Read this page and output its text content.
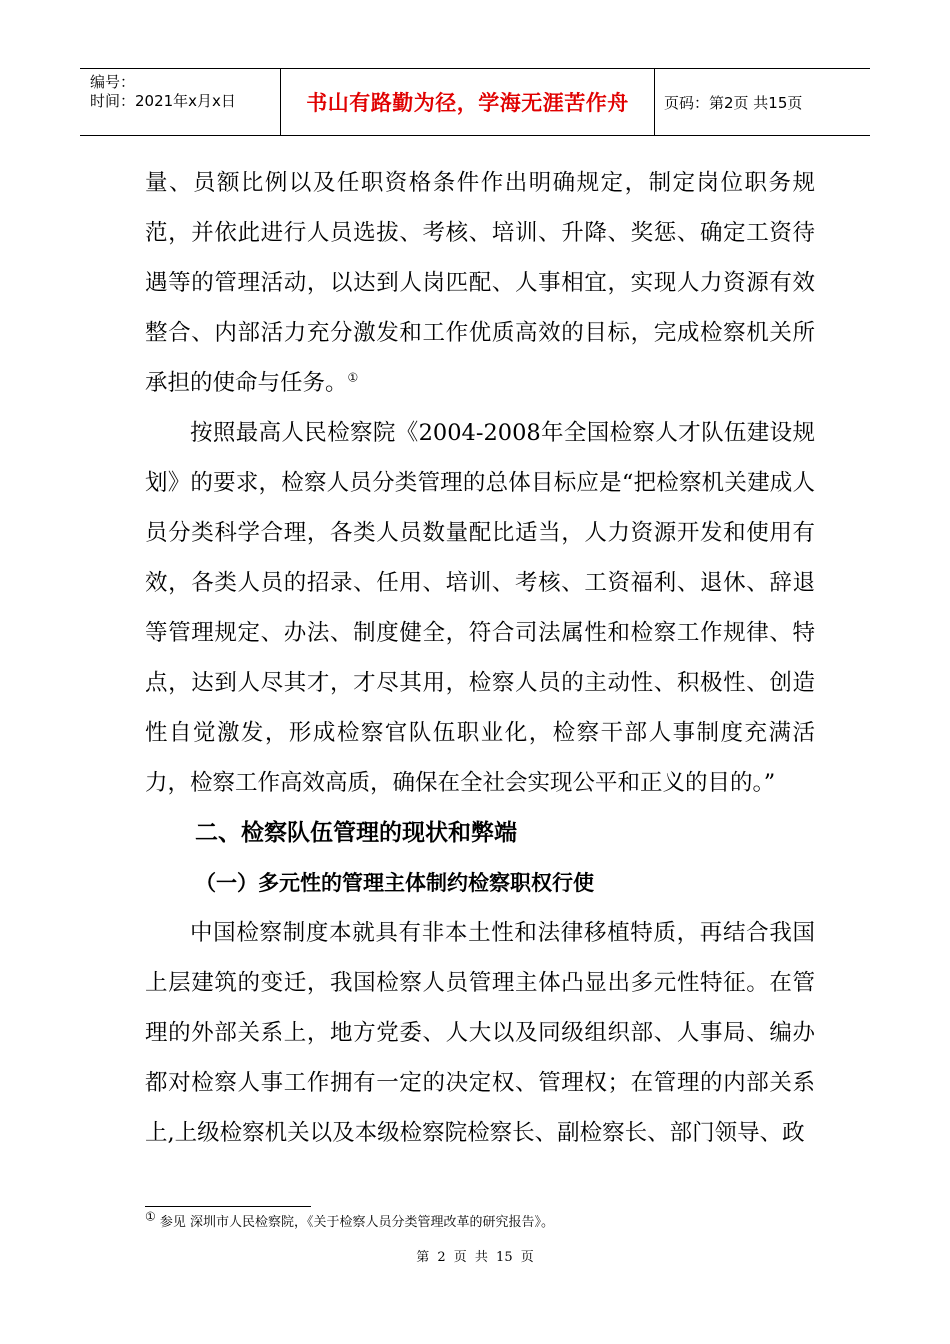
编号：
时间：2021年x月x日	书山有路勤为径，学海无涯苦作舟	页码：第2页 共15页

量、员额比例以及任职资格条件作出明确规定，制定岗位职务规范，并依此进行人员选拔、考核、培训、升降、奖惩、确定工资待遇等的管理活动，以达到人岗匹配、人事相宜，实现人力资源有效整合、内部活力充分激发和工作优质高效的目标，完成检察机关所承担的使命与任务。①

按照最高人民检察院《2004-2008年全国检察人才队伍建设规划》的要求，检察人员分类管理的总体目标应是“把检察机关建成人员分类科学合理，各类人员数量配比适当，人力资源开发和使用有效，各类人员的招录、任用、培训、考核、工资福利、退休、辞退等管理规定、办法、制度健全，符合司法属性和检察工作规律、特点，达到人尽其才，才尽其用，检察人员的主动性、积极性、创造性自觉激发，形成检察官队伍职业化，检察干部人事制度充满活力，检察工作高效高质，确保在全社会实现公平和正义的目的。”

二、检察队伍管理的现状和弊端

（一）多元性的管理主体制约检察职权行使

中国检察制度本就具有非本土性和法律移植特质，再结合我国上层建筑的变迁，我国检察人员管理主体凸显出多元性特征。在管理的外部关系上，地方党委、人大以及同级组织部、人事局、编办都对检察人事工作拥有一定的决定权、管理权；在管理的内部关系上,上级检察机关以及本级检察院检察长、副检察长、部门领导、政

① 参见 深圳市人民检察院，《关于检察人员分类管理改革的研究报告》。
第 2 页 共 15 页
